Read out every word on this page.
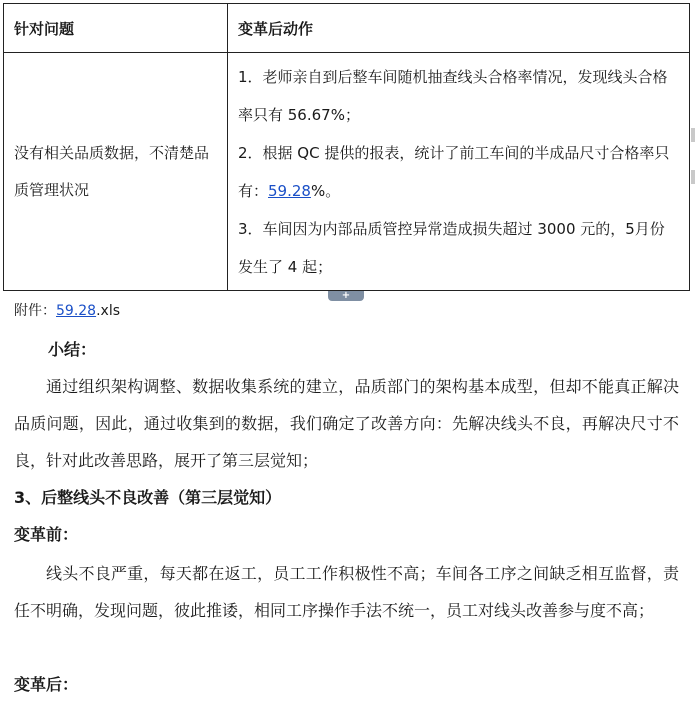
针对问题	变革后动作
没有相关品质数据，不清楚品质管理状况	1．老师亲自到后整车间随机抽查线头合格率情况，发现线头合格率只有 56.67%；
2．根据 QC 提供的报表，统计了前工车间的半成品尺寸合格率只有：59.28%。
3．车间因为内部品质管控异常造成损失超过 3000 元的，5月份发生了 4 起；
+
附件：59.28.xls
小结：
通过组织架构调整、数据收集系统的建立，品质部门的架构基本成型，但却不能真正解决品质问题，因此，通过收集到的数据，我们确定了改善方向：先解决线头不良，再解决尺寸不良，针对此改善思路，展开了第三层觉知；
3、后整线头不良改善（第三层觉知）
变革前：
线头不良严重，每天都在返工，员工工作积极性不高；车间各工序之间缺乏相互监督，责任不明确，发现问题，彼此推诿，相同工序操作手法不统一，员工对线头改善参与度不高；
变革后：
